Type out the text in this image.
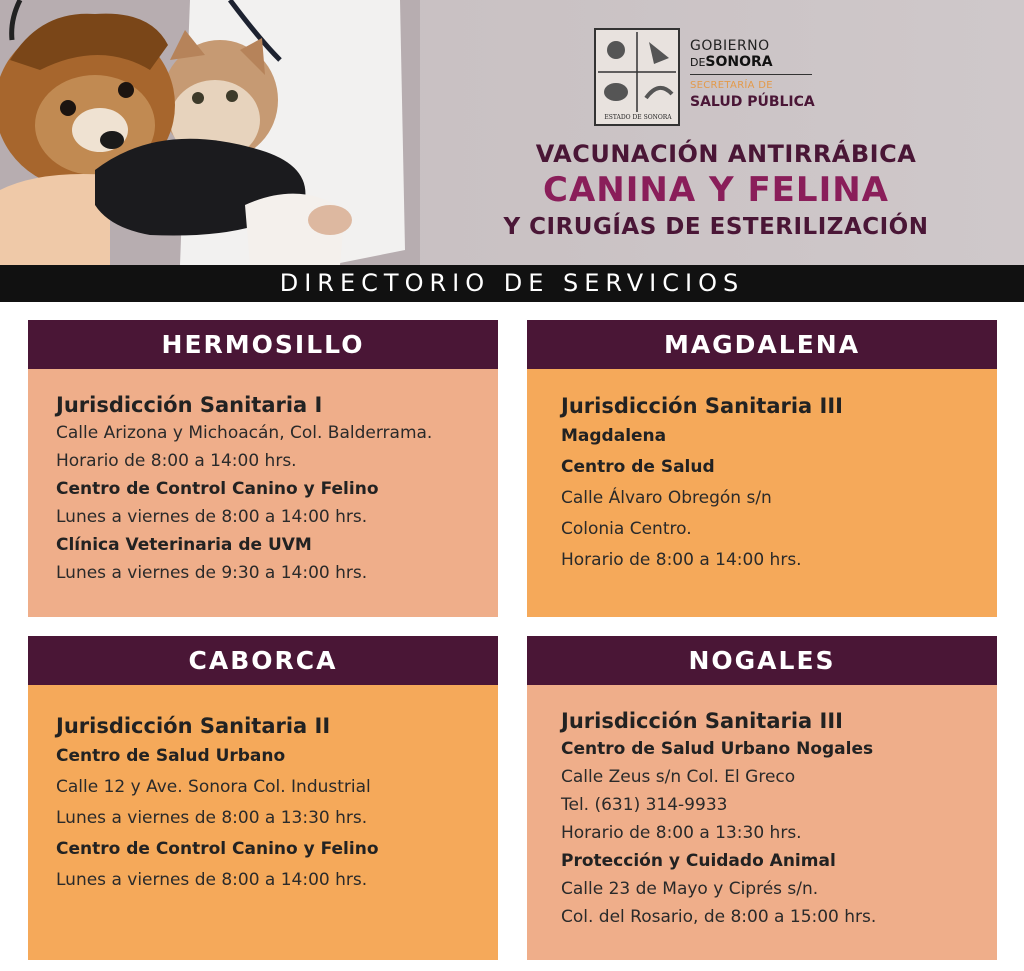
ESTADO DE SONORA
GOBIERNO
DESONORA
SECRETARÍA DE
SALUD PÚBLICA
VACUNACIÓN ANTIRRÁBICA
CANINA Y FELINA
Y CIRUGÍAS DE ESTERILIZACIÓN
DIRECTORIO DE SERVICIOS
HERMOSILLO
Jurisdicción Sanitaria I
Calle Arizona y Michoacán, Col. Balderrama.
Horario de 8:00 a 14:00 hrs.
Centro de Control Canino y Felino
Lunes a viernes de 8:00 a 14:00 hrs.
Clínica Veterinaria de UVM
Lunes a viernes de 9:30 a 14:00 hrs.
MAGDALENA
Jurisdicción Sanitaria III
Magdalena
Centro de Salud
Calle Álvaro Obregón s/n
Colonia Centro.
Horario de 8:00 a 14:00 hrs.
CABORCA
Jurisdicción Sanitaria II
Centro de Salud Urbano
Calle 12 y Ave. Sonora Col. Industrial
Lunes a viernes de 8:00 a 13:30 hrs.
Centro de Control Canino y Felino
Lunes a viernes de 8:00 a 14:00 hrs.
NOGALES
Jurisdicción Sanitaria III
Centro de Salud Urbano Nogales
Calle Zeus s/n Col. El Greco
Tel. (631) 314-9933
Horario de 8:00 a 13:30 hrs.
Protección y Cuidado Animal
Calle 23 de Mayo y Ciprés s/n.
Col. del Rosario, de 8:00 a 15:00 hrs.
